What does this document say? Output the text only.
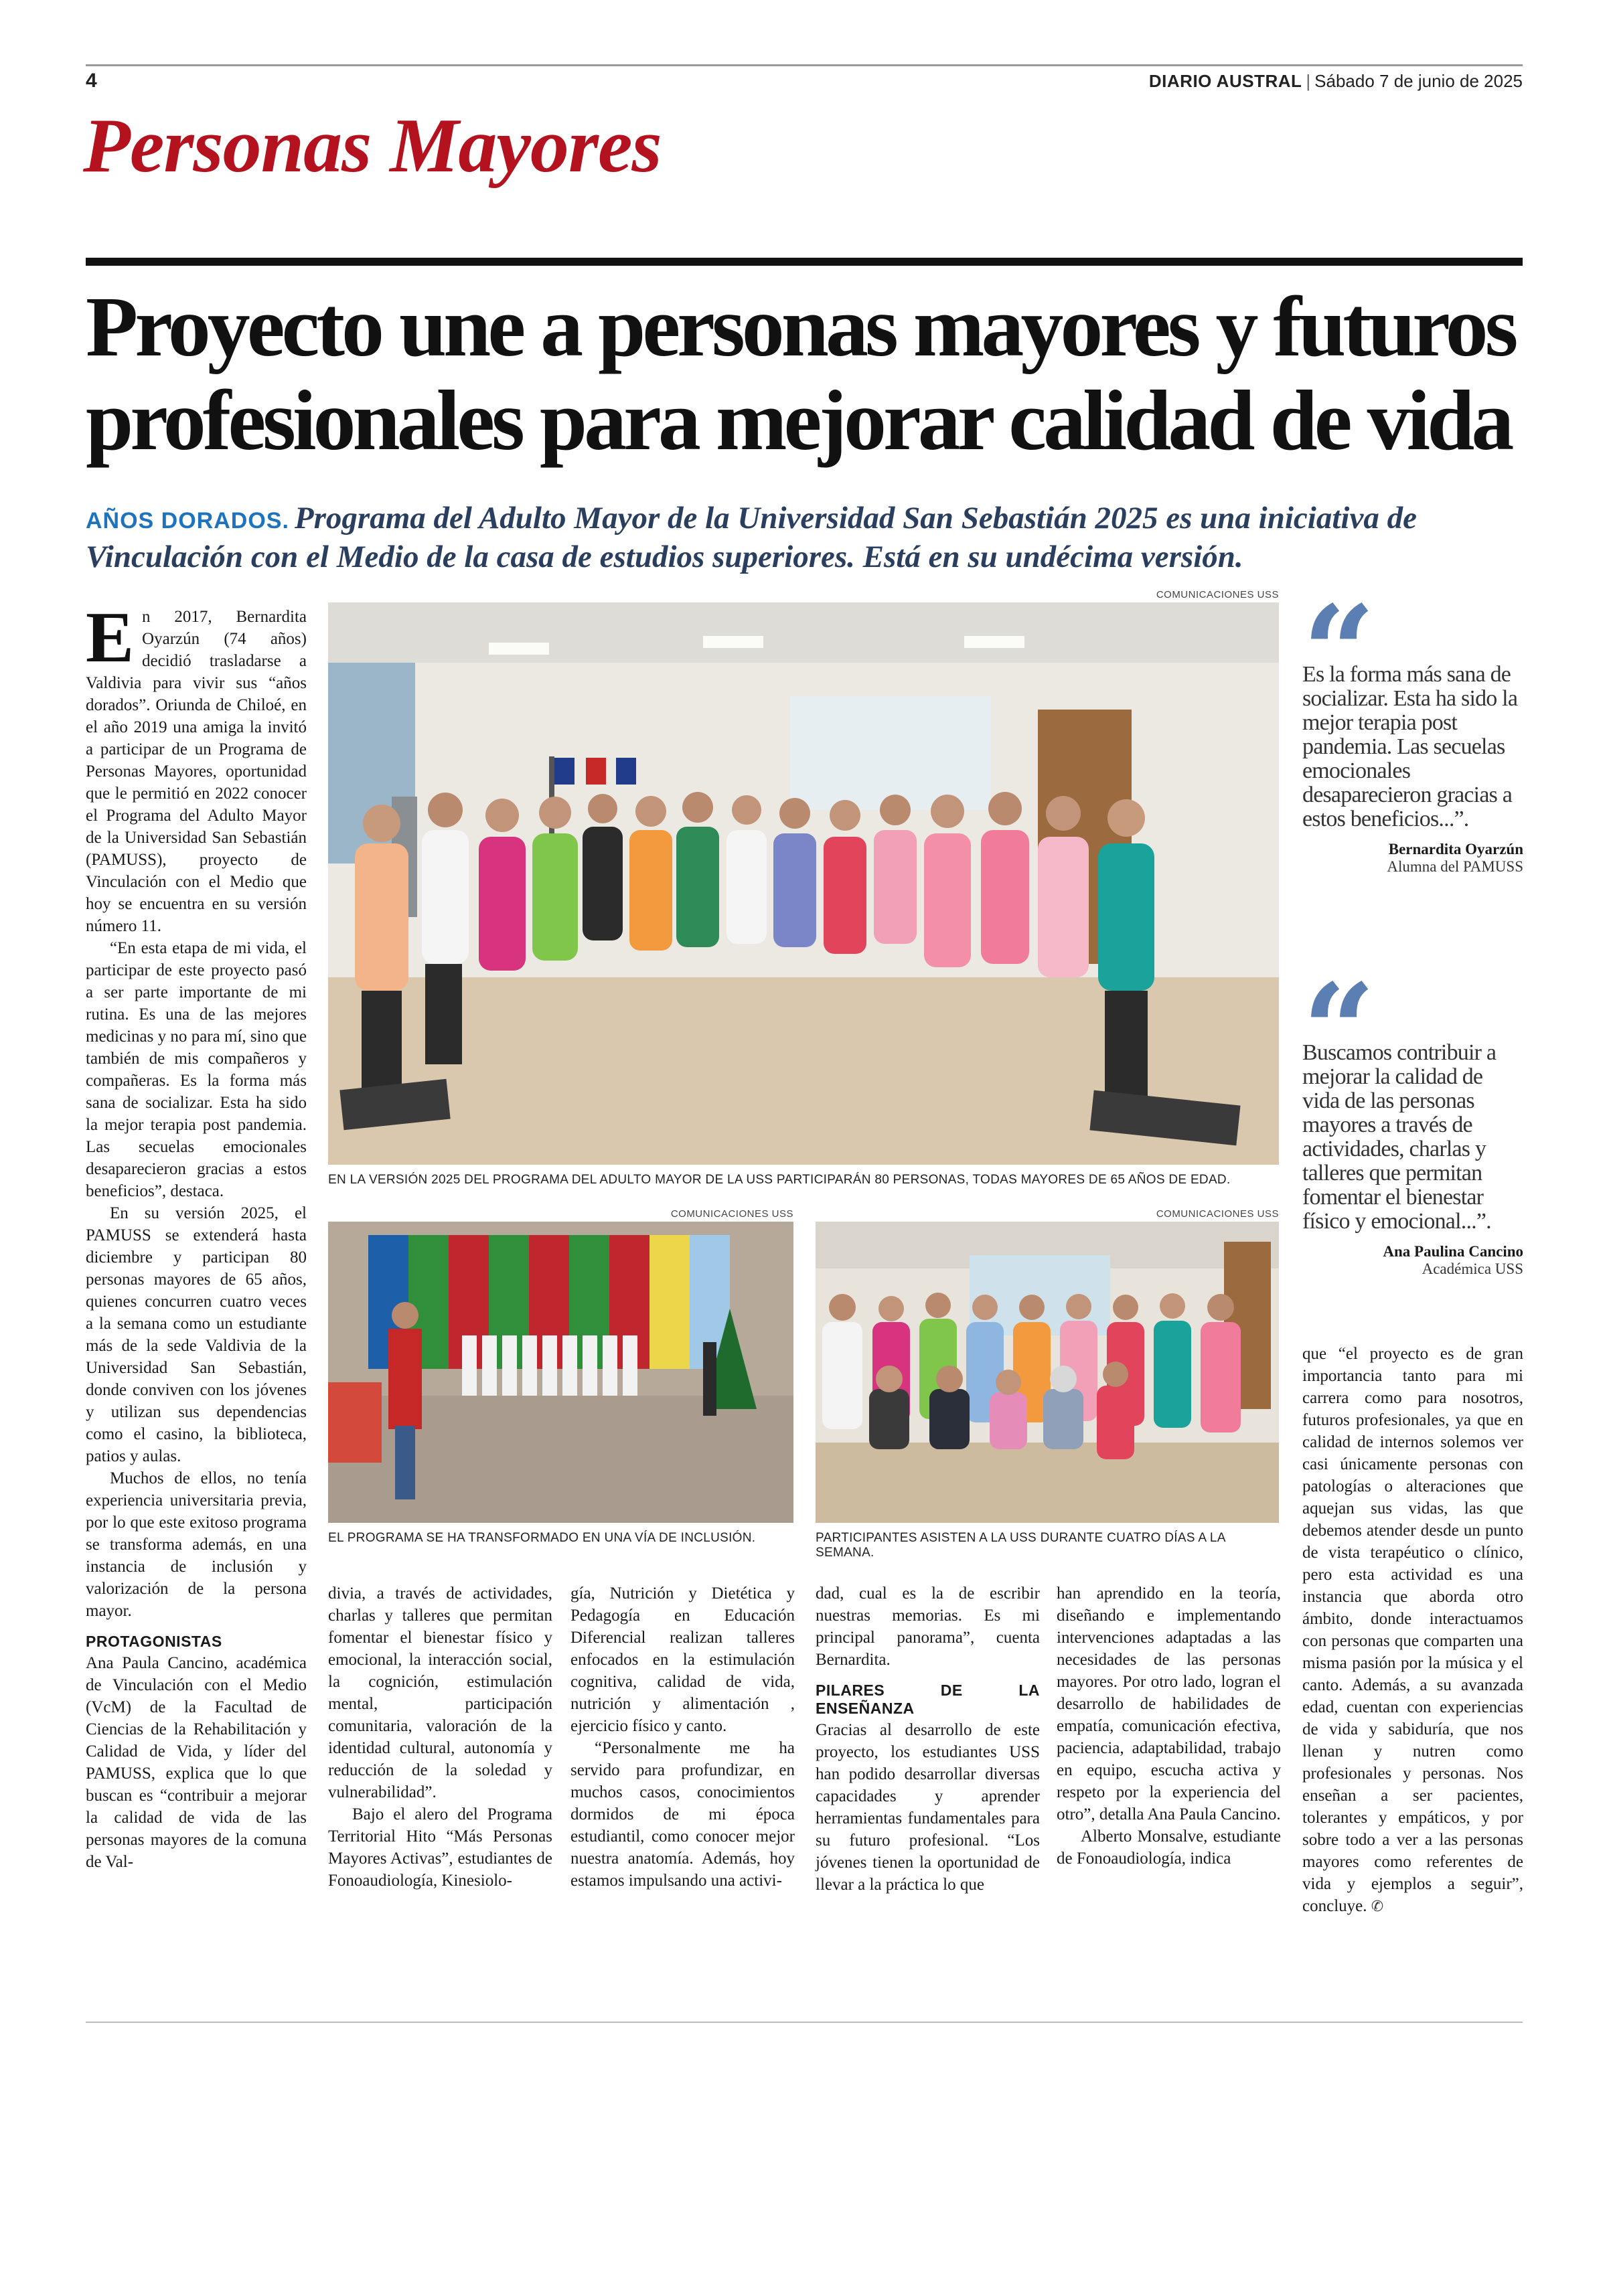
4	DIARIO AUSTRAL | Sábado 7 de junio de 2025
Personas Mayores
Proyecto une a personas mayores y futuros
profesionales para mejorar calidad de vida
AÑOS DORADOS. Programa del Adulto Mayor de la Universidad San Sebastián 2025 es una iniciativa de Vinculación con el Medio de la casa de estudios superiores. Está en su undécima versión.

En 2017, Bernardita Oyarzún (74 años) decidió trasladarse a Valdivia para vivir sus “años dorados”. Oriunda de Chiloé, en el año 2019 una amiga la invitó a participar de un Programa de Personas Mayores, oportunidad que le permitió en 2022 conocer el Programa del Adulto Mayor de la Universidad San Sebastián (PAMUSS), proyecto de Vinculación con el Medio que hoy se encuentra en su versión número 11.

“En esta etapa de mi vida, el participar de este proyecto pasó a ser parte importante de mi rutina. Es una de las mejores medicinas y no para mí, sino que también de mis compañeros y compañeras. Es la forma más sana de socializar. Esta ha sido la mejor terapia post pandemia. Las secuelas emocionales desaparecieron gracias a estos beneficios”, destaca.

En su versión 2025, el PAMUSS se extenderá hasta diciembre y participan 80 personas mayores de 65 años, quienes concurren cuatro veces a la semana como un estudiante más de la sede Valdivia de la Universidad San Sebastián, donde conviven con los jóvenes y utilizan sus dependencias como el casino, la biblioteca, patios y aulas.

Muchos de ellos, no tenía experiencia universitaria previa, por lo que este exitoso programa se transforma además, en una instancia de inclusión y valorización de la persona mayor.

PROTAGONISTAS

Ana Paula Cancino, académica de Vinculación con el Medio (VcM) de la Facultad de Ciencias de la Rehabilitación y Calidad de Vida, y líder del PAMUSS, explica que lo que buscan es “contribuir a mejorar la calidad de vida de las personas mayores de la comuna de Val-

COMUNICACIONES USS
EN LA VERSIÓN 2025 DEL PROGRAMA DEL ADULTO MAYOR DE LA USS PARTICIPARÁN 80 PERSONAS, TODAS MAYORES DE 65 AÑOS DE EDAD.
COMUNICACIONES USS
EL PROGRAMA SE HA TRANSFORMADO EN UNA VÍA DE INCLUSIÓN.
COMUNICACIONES USS
PARTICIPANTES ASISTEN A LA USS DURANTE CUATRO DÍAS A LA SEMANA.

divia, a través de actividades, charlas y talleres que permitan fomentar el bienestar físico y emocional, la interacción social, la cognición, estimulación mental, participación comunitaria, valoración de la identidad cultural, autonomía y reducción de la soledad y vulnerabilidad”.

Bajo el alero del Programa Territorial Hito “Más Personas Mayores Activas”, estudiantes de Fonoaudiología, Kinesiolo-

gía, Nutrición y Dietética y Pedagogía en Educación Diferencial realizan talleres enfocados en la estimulación cognitiva, calidad de vida, nutrición y alimentación , ejercicio físico y canto.

“Personalmente me ha servido para profundizar, en muchos casos, conocimientos dormidos de mi época estudiantil, como conocer mejor nuestra anatomía. Además, hoy estamos impulsando una activi-

dad, cual es la de escribir nuestras memorias. Es mi principal panorama”, cuenta Bernardita.

PILARES DE LA ENSEÑANZA

Gracias al desarrollo de este proyecto, los estudiantes USS han podido desarrollar diversas capacidades y aprender herramientas fundamentales para su futuro profesional. “Los jóvenes tienen la oportunidad de llevar a la práctica lo que

han aprendido en la teoría, diseñando e implementando intervenciones adaptadas a las necesidades de las personas mayores. Por otro lado, logran el desarrollo de habilidades de empatía, comunicación efectiva, paciencia, adaptabilidad, trabajo en equipo, escucha activa y respeto por la experiencia del otro”, detalla Ana Paula Cancino.

Alberto Monsalve, estudiante de Fonoaudiología, indica

Es la forma más sana de socializar. Esta ha sido la mejor terapia post pandemia. Las secuelas emocionales desaparecieron gracias a estos beneficios...”.
Bernardita Oyarzún
Alumna del PAMUSS
Buscamos contribuir a mejorar la calidad de vida de las personas mayores a través de actividades, charlas y talleres que permitan fomentar el bienestar físico y emocional...”.
Ana Paulina Cancino
Académica USS

que “el proyecto es de gran importancia tanto para mi carrera como para nosotros, futuros profesionales, ya que en calidad de internos solemos ver casi únicamente personas con patologías o alteraciones que aquejan sus vidas, las que debemos atender desde un punto de vista terapéutico o clínico, pero esta actividad es una instancia que aborda otro ámbito, donde interactuamos con personas que comparten una misma pasión por la música y el canto. Además, a su avanzada edad, cuentan con experiencias de vida y sabiduría, que nos llenan y nutren como profesionales y personas. Nos enseñan a ser pacientes, tolerantes y empáticos, y por sobre todo a ver a las personas mayores como referentes de vida y ejemplos a seguir”, concluye. ✆
